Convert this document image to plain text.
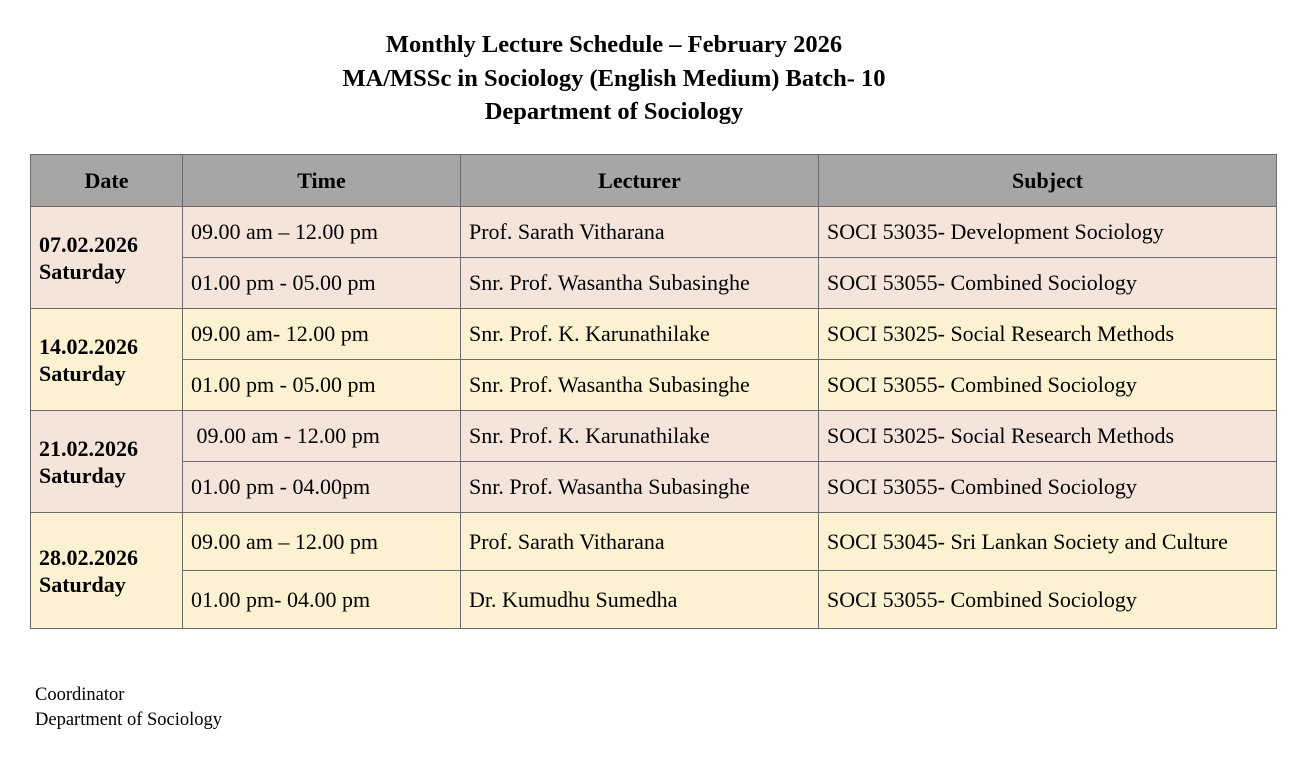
Monthly Lecture Schedule – February 2026
MA/MSSc in Sociology (English Medium) Batch- 10
Department of Sociology
Date	Time	Lecturer	Subject

07.02.2026
Saturday	09.00 am – 12.00 pm	Prof. Sarath Vitharana	SOCI 53035- Development Sociology
	01.00 pm - 05.00 pm	Snr. Prof. Wasantha Subasinghe	SOCI 53055- Combined Sociology

14.02.2026
Saturday	09.00 am- 12.00 pm	Snr. Prof. K. Karunathilake	SOCI 53025- Social Research Methods
	01.00 pm - 05.00 pm	Snr. Prof. Wasantha Subasinghe	SOCI 53055- Combined Sociology

21.02.2026
Saturday	09.00 am - 12.00 pm	Snr. Prof. K. Karunathilake	SOCI 53025- Social Research Methods
	01.00 pm - 04.00pm	Snr. Prof. Wasantha Subasinghe	SOCI 53055- Combined Sociology

28.02.2026
Saturday	09.00 am – 12.00 pm	Prof. Sarath Vitharana	SOCI 53045- Sri Lankan Society and Culture
	01.00 pm- 04.00 pm	Dr. Kumudhu Sumedha	SOCI 53055- Combined Sociology
Coordinator
Department of Sociology
